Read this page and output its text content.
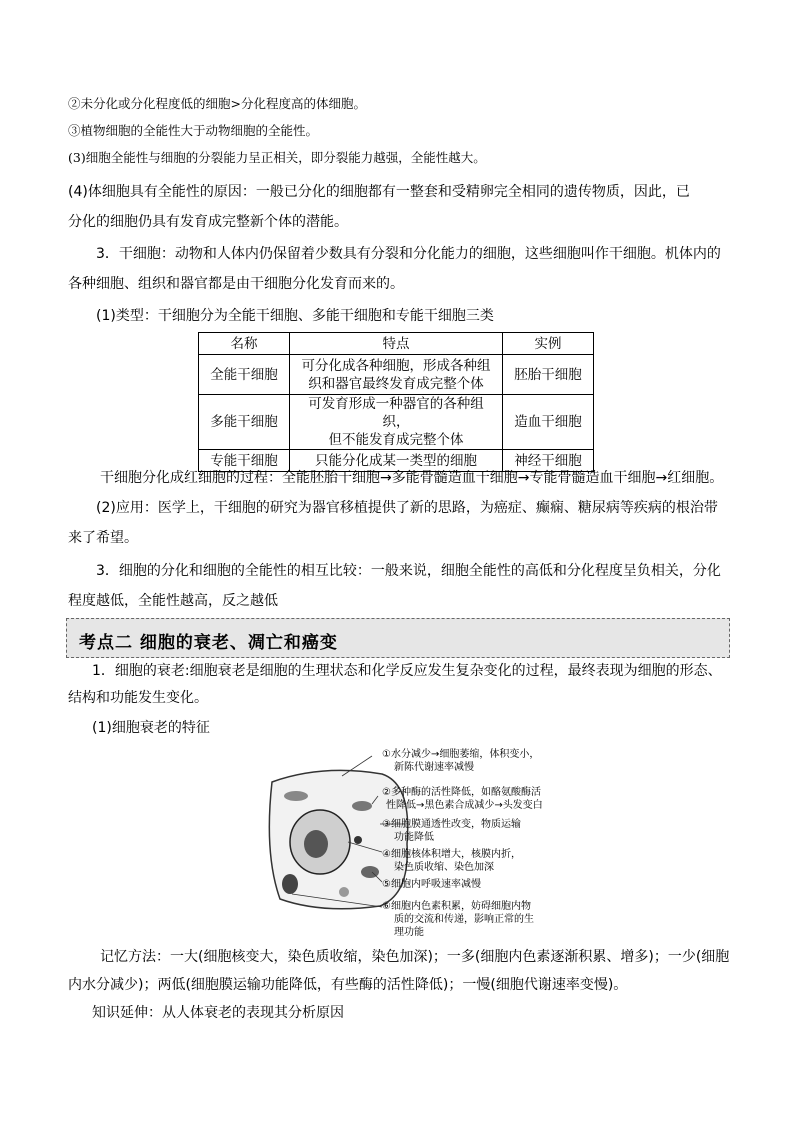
②未分化或分化程度低的细胞>分化程度高的体细胞。
③植物细胞的全能性大于动物细胞的全能性。
(3)细胞全能性与细胞的分裂能力呈正相关，即分裂能力越强，全能性越大。
(4)体细胞具有全能性的原因：一般已分化的细胞都有一整套和受精卵完全相同的遗传物质，因此，已
分化的细胞仍具有发育成完整新个体的潜能。
3．干细胞：动物和人体内仍保留着少数具有分裂和分化能力的细胞，这些细胞叫作干细胞。机体内的
各种细胞、组织和器官都是由干细胞分化发育而来的。
(1)类型：干细胞分为全能干细胞、多能干细胞和专能干细胞三类
名称	特点	实例
全能干细胞	可分化成各种细胞，形成各种组
织和器官最终发育成完整个体	胚胎干细胞
多能干细胞	可发育形成一种器官的各种组织，
但不能发育成完整个体	造血干细胞
专能干细胞	只能分化成某一类型的细胞	神经干细胞
干细胞分化成红细胞的过程：全能胚胎干细胞→多能骨髓造血干细胞→专能骨髓造血干细胞→红细胞。
(2)应用：医学上，干细胞的研究为器官移植提供了新的思路，为癌症、癫痫、糖尿病等疾病的根治带
来了希望。
3．细胞的分化和细胞的全能性的相互比较：一般来说，细胞全能性的高低和分化程度呈负相关，分化
程度越低，全能性越高，反之越低
考点二 细胞的衰老、凋亡和癌变
1．细胞的衰老:细胞衰老是细胞的生理状态和化学反应发生复杂变化的过程，最终表现为细胞的形态、
结构和功能发生变化。
(1)细胞衰老的特征
①水分减少→细胞萎缩，体积变小，
新陈代谢速率减慢
②多种酶的活性降低，如酪氨酸酶活
性降低→黑色素合成减少→头发变白
③细胞膜通透性改变，物质运输
功能降低
④细胞核体积增大，核膜内折，
染色质收缩、染色加深
⑤细胞内呼吸速率减慢
⑥细胞内色素积累，妨碍细胞内物
质的交流和传递，影响正常的生
理功能
记忆方法：一大(细胞核变大，染色质收缩，染色加深)；一多(细胞内色素逐渐积累、增多)；一少(细胞
内水分减少)；两低(细胞膜运输功能降低，有些酶的活性降低)；一慢(细胞代谢速率变慢)。
知识延伸：从人体衰老的表现其分析原因
